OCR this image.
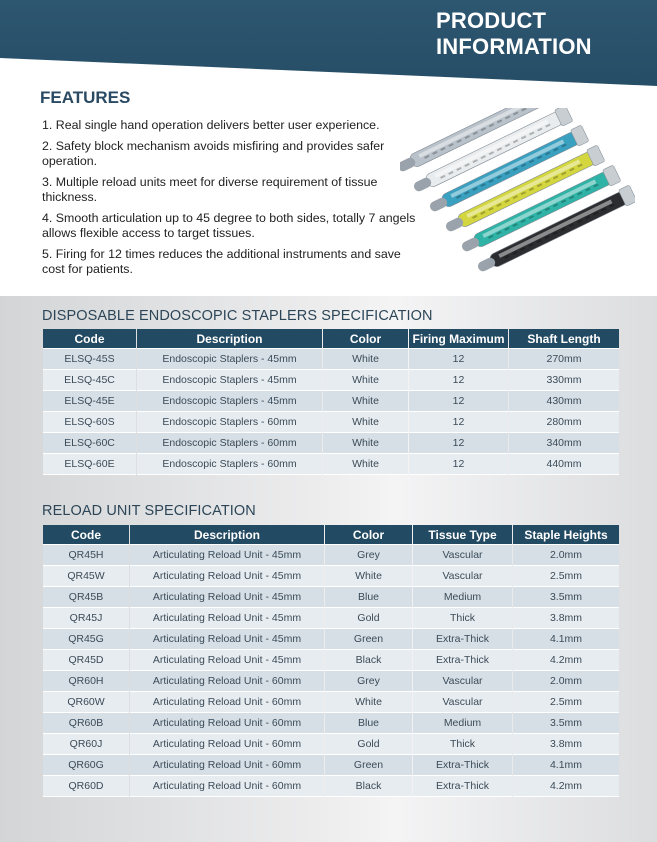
PRODUCT
INFORMATION
FEATURES
1. Real single hand operation delivers better user experience.
2. Safety block mechanism avoids misfiring and provides safer operation.
3. Multiple reload units meet for diverse requirement of tissue thickness.
4. Smooth articulation up to 45 degree to both sides, totally 7 angels allows flexible access to target tissues.
5. Firing for 12 times reduces the additional instruments and save cost for patients.
DISPOSABLE ENDOSCOPIC STAPLERS SPECIFICATION
Code	Description	Color	Firing Maximum	Shaft Length
ELSQ-45S	Endoscopic Staplers - 45mm	White	12	270mm
ELSQ-45C	Endoscopic Staplers - 45mm	White	12	330mm
ELSQ-45E	Endoscopic Staplers - 45mm	White	12	430mm
ELSQ-60S	Endoscopic Staplers - 60mm	White	12	280mm
ELSQ-60C	Endoscopic Staplers - 60mm	White	12	340mm
ELSQ-60E	Endoscopic Staplers - 60mm	White	12	440mm
RELOAD UNIT SPECIFICATION
Code	Description	Color	Tissue Type	Staple Heights
QR45H	Articulating Reload Unit - 45mm	Grey	Vascular	2.0mm
QR45W	Articulating Reload Unit - 45mm	White	Vascular	2.5mm
QR45B	Articulating Reload Unit - 45mm	Blue	Medium	3.5mm
QR45J	Articulating Reload Unit - 45mm	Gold	Thick	3.8mm
QR45G	Articulating Reload Unit - 45mm	Green	Extra-Thick	4.1mm
QR45D	Articulating Reload Unit - 45mm	Black	Extra-Thick	4.2mm
QR60H	Articulating Reload Unit - 60mm	Grey	Vascular	2.0mm
QR60W	Articulating Reload Unit - 60mm	White	Vascular	2.5mm
QR60B	Articulating Reload Unit - 60mm	Blue	Medium	3.5mm
QR60J	Articulating Reload Unit - 60mm	Gold	Thick	3.8mm
QR60G	Articulating Reload Unit - 60mm	Green	Extra-Thick	4.1mm
QR60D	Articulating Reload Unit - 60mm	Black	Extra-Thick	4.2mm
